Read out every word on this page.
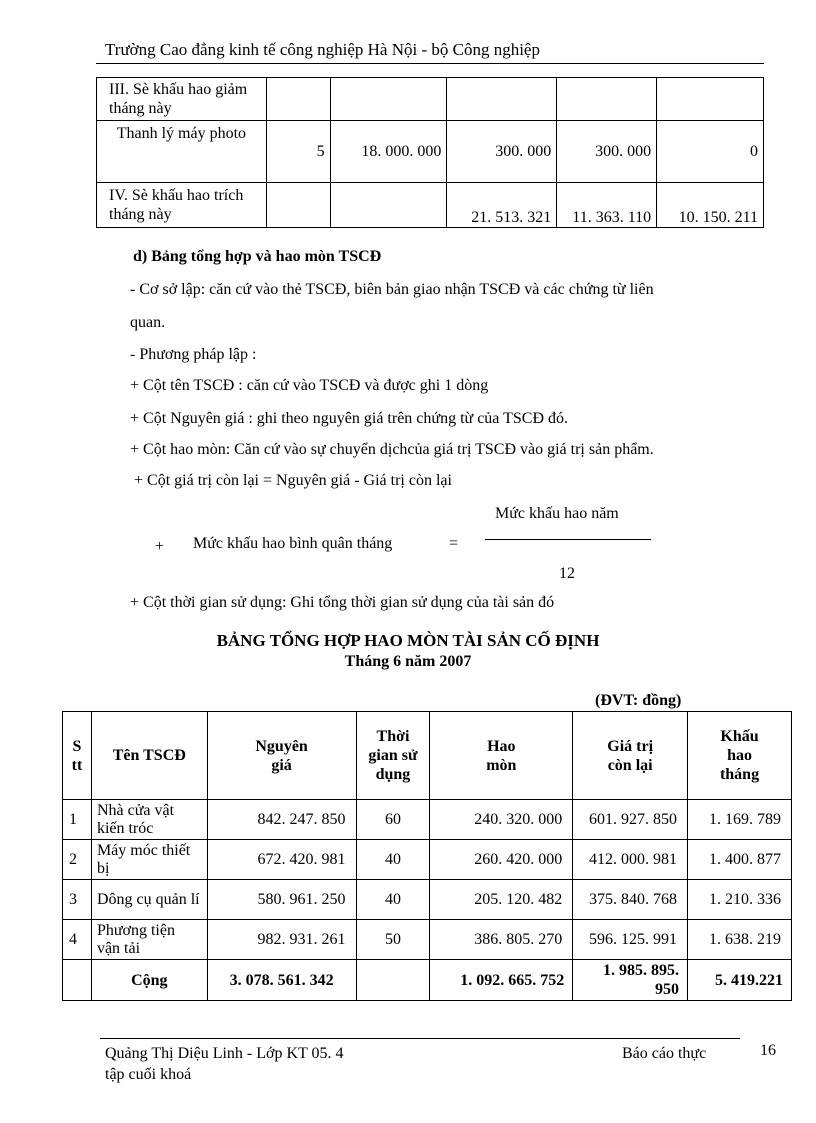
Trường Cao đẳng kinh tế công nghiệp Hà Nội - bộ Công nghiệp
III. Sè khấu hao giảm tháng này					
Thanh lý máy photo	5	18. 000. 000	300. 000	300. 000	0
IV. Sè khấu hao trích tháng này			21. 513. 321	11. 363. 110	10. 150. 211
d) Bảng tổng hợp và hao mòn TSCĐ
- Cơ sở lập: căn cứ vào thẻ TSCĐ, biên bản giao nhận TSCĐ và các chứng từ liên
quan.
- Phương pháp lập :
+ Cột tên TSCĐ : căn cứ vào TSCĐ và được ghi 1 dòng
+ Cột Nguyên giá : ghi theo nguyên giá trên chứng từ của TSCĐ đó.
+ Cột hao mòn: Căn cứ vào sự chuyển dịchcủa giá trị TSCĐ vào giá trị sản phẩm.
+ Cột giá trị còn lại = Nguyên giá - Giá trị còn lại
Mức khấu hao năm
+ Mức khấu hao bình quân tháng	=
12
+ Cột thời gian sử dụng: Ghi tổng thời gian sử dụng của tài sản đó
BẢNG TỔNG HỢP HAO MÒN TÀI SẢN CỐ ĐỊNH
Tháng 6 năm 2007
(ĐVT: đồng)
S tt	Tên TSCĐ	Nguyên giá	Thời gian sử dụng	Hao mòn	Giá trị còn lại	Khấu hao tháng
1	Nhà cửa vật kiến tróc	842. 247. 850	60	240. 320. 000	601. 927. 850	1. 169. 789
2	Máy móc thiết bị	672. 420. 981	40	260. 420. 000	412. 000. 981	1. 400. 877
3	Dông cụ quản lí	580. 961. 250	40	205. 120. 482	375. 840. 768	1. 210. 336
4	Phương tiện vận tải	982. 931. 261	50	386. 805. 270	596. 125. 991	1. 638. 219
	Cộng	3. 078. 561. 342		1. 092. 665. 752	1. 985. 895. 950	5. 419.221
Quảng Thị Diệu Linh - Lớp KT 05. 4	Báo cáo thực	16
tập cuối khoá
